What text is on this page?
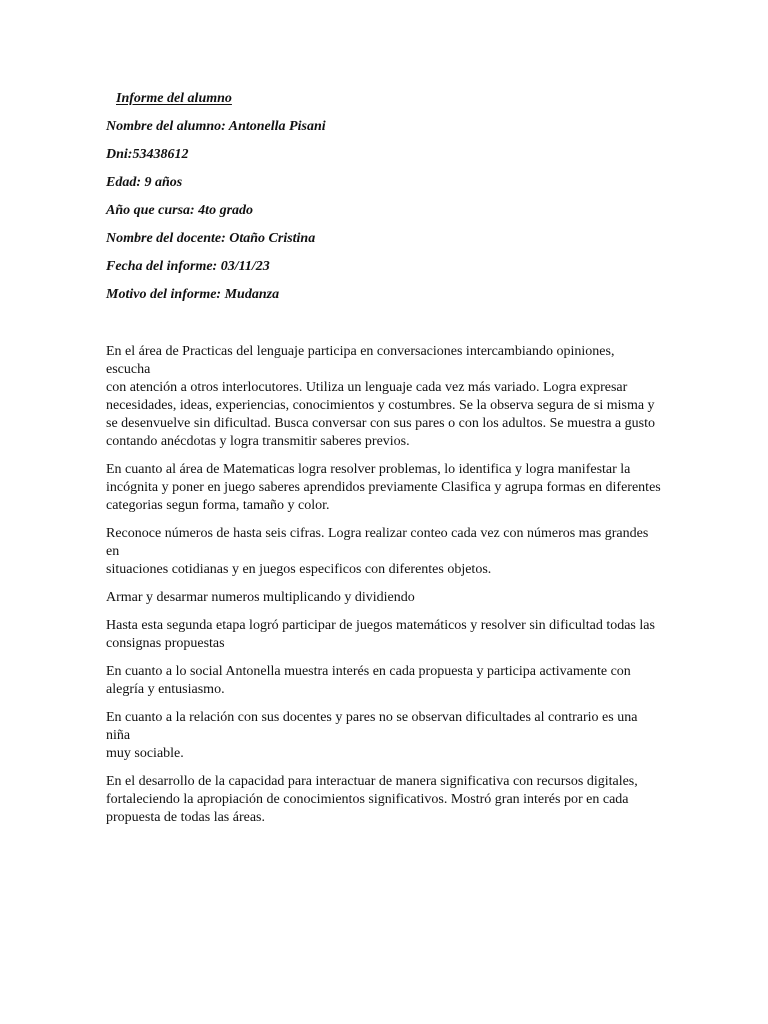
Informe del alumno
Nombre del alumno: Antonella Pisani
Dni:53438612
Edad: 9 años
Año que cursa: 4to grado
Nombre del docente: Otaño Cristina
Fecha del informe: 03/11/23
Motivo del informe: Mudanza

En el área de Practicas del lenguaje participa en conversaciones intercambiando opiniones, escucha
con atención a otros interlocutores. Utiliza un lenguaje cada vez más variado. Logra expresar
necesidades, ideas, experiencias, conocimientos y costumbres. Se la observa segura de si misma y
se desenvuelve sin dificultad. Busca conversar con sus pares o con los adultos. Se muestra a gusto
contando anécdotas y logra transmitir saberes previos.

En cuanto al área de Matematicas logra resolver problemas, lo identifica y logra manifestar la
incógnita y poner en juego saberes aprendidos previamente Clasifica y agrupa formas en diferentes
categorias segun forma, tamaño y color.

Reconoce números de hasta seis cifras. Logra realizar conteo cada vez con números mas grandes en
situaciones cotidianas y en juegos especificos con diferentes objetos.

Armar y desarmar numeros multiplicando y dividiendo

Hasta esta segunda etapa logró participar de juegos matemáticos y resolver sin dificultad todas las
consignas propuestas

En cuanto a lo social Antonella muestra interés en cada propuesta y participa activamente con
alegría y entusiasmo.

En cuanto a la relación con sus docentes y pares no se observan dificultades al contrario es una niña
muy sociable.

En el desarrollo de la capacidad para interactuar de manera significativa con recursos digitales,
fortaleciendo la apropiación de conocimientos significativos. Mostró gran interés por en cada
propuesta de todas las áreas.
